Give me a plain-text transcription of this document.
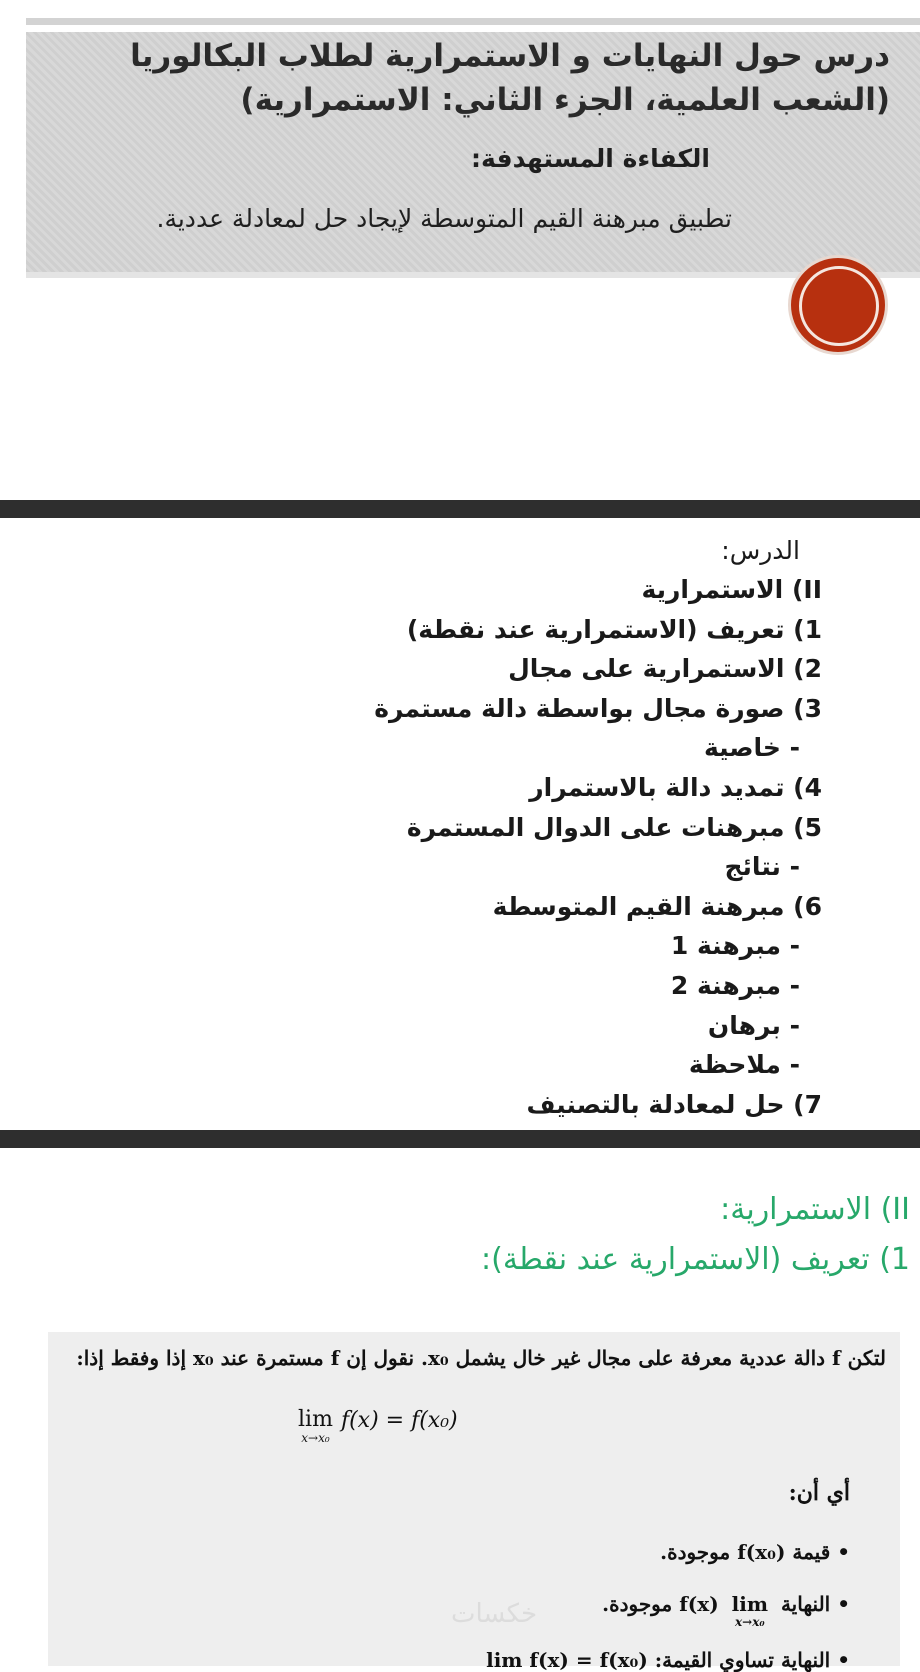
درس حول النهايات و الاستمرارية لطلاب البكالوريا (الشعب العلمية، الجزء الثاني: الاستمرارية)
الكفاءة المستهدفة:
تطبيق مبرهنة القيم المتوسطة لإيجاد حل لمعادلة عددية.
الدرس:
II) الاستمرارية
1) تعريف (الاستمرارية عند نقطة)
2) الاستمرارية على مجال
3) صورة مجال بواسطة دالة مستمرة
- خاصية
4) تمديد دالة بالاستمرار
5) مبرهنات على الدوال المستمرة
- نتائج
6) مبرهنة القيم المتوسطة
- مبرهنة 1
- مبرهنة 2
- برهان
- ملاحظة
7) حل لمعادلة بالتصنيف
II) الاستمرارية:
1) تعريف (الاستمرارية عند نقطة):
لتكن f دالة عددية معرفة على مجال غير خال يشمل x₀. نقول إن f مستمرة عند x₀ إذا وفقط إذا:
lim
x→x₀
f(x) = f(x₀)
أي أن:
• قيمة f(x₀) موجودة.
• النهاية
lim
x→x₀
f(x) موجودة.
• النهاية تساوي القيمة: lim f(x) = f(x₀)
خكسات
